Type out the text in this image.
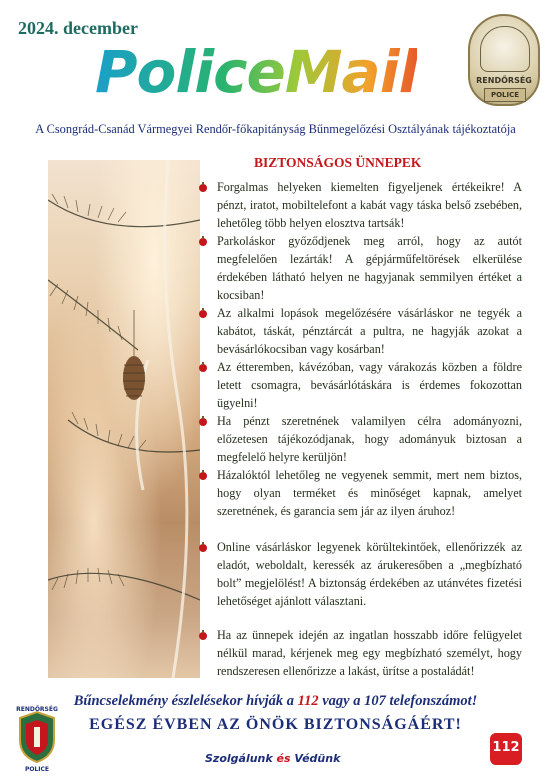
2024. december
PoliceMail	RENDŐRSÉG
POLICE
A Csongrád-Csanád Vármegyei Rendőr-főkapitányság Bűnmegelőzési Osztályának tájékoztatója
BIZTONSÁGOS ÜNNEPEK

Forgalmas helyeken kiemelten figyeljenek értékeikre! A pénzt, iratot, mobiltelefont a kabát vagy táska belső zsebében, lehetőleg több helyen elosztva tartsák!

Parkoláskor győződjenek meg arról, hogy az autót megfelelően lezárták! A gépjárműfeltörések elkerülése érdekében látható helyen ne hagyjanak semmilyen értéket a kocsiban!

Az alkalmi lopások megelőzésére vásárláskor ne tegyék a kabátot, táskát, pénztárcát a pultra, ne hagyják azokat a bevásárlókocsiban vagy kosárban!

Az étteremben, kávézóban, vagy várakozás közben a földre letett csomagra, bevásárlótáskára is érdemes fokozottan ügyelni!

Ha pénzt szeretnének valamilyen célra adományozni, előzetesen tájékozódjanak, hogy adományuk biztosan a megfelelő helyre kerüljön!

Házalóktól lehetőleg ne vegyenek semmit, mert nem biztos, hogy olyan terméket és minőséget kapnak, amelyet szeretnének, és garancia sem jár az ilyen áruhoz!

Online vásárláskor legyenek körültekintőek, ellenőrizzék az eladót, weboldalt, keressék az árukeresőben a „megbízható bolt” megjelölést! A biztonság érdekében az utánvétes fizetési lehetőséget ajánlott választani.

Ha az ünnepek idején az ingatlan hosszabb időre felügyelet nélkül marad, kérjenek meg egy megbízható személyt, hogy rendszeresen ellenőrizze a lakást, ürítse a postaládát!

Bűncselekmény észlelésekor hívják a 112 vagy a 107 telefonszámot!
EGÉSZ ÉVBEN AZ ÖNÖK BIZTONSÁGÁÉRT!
RENDŐRSÉG
POLICE
Szolgálunk és Védünk
112
